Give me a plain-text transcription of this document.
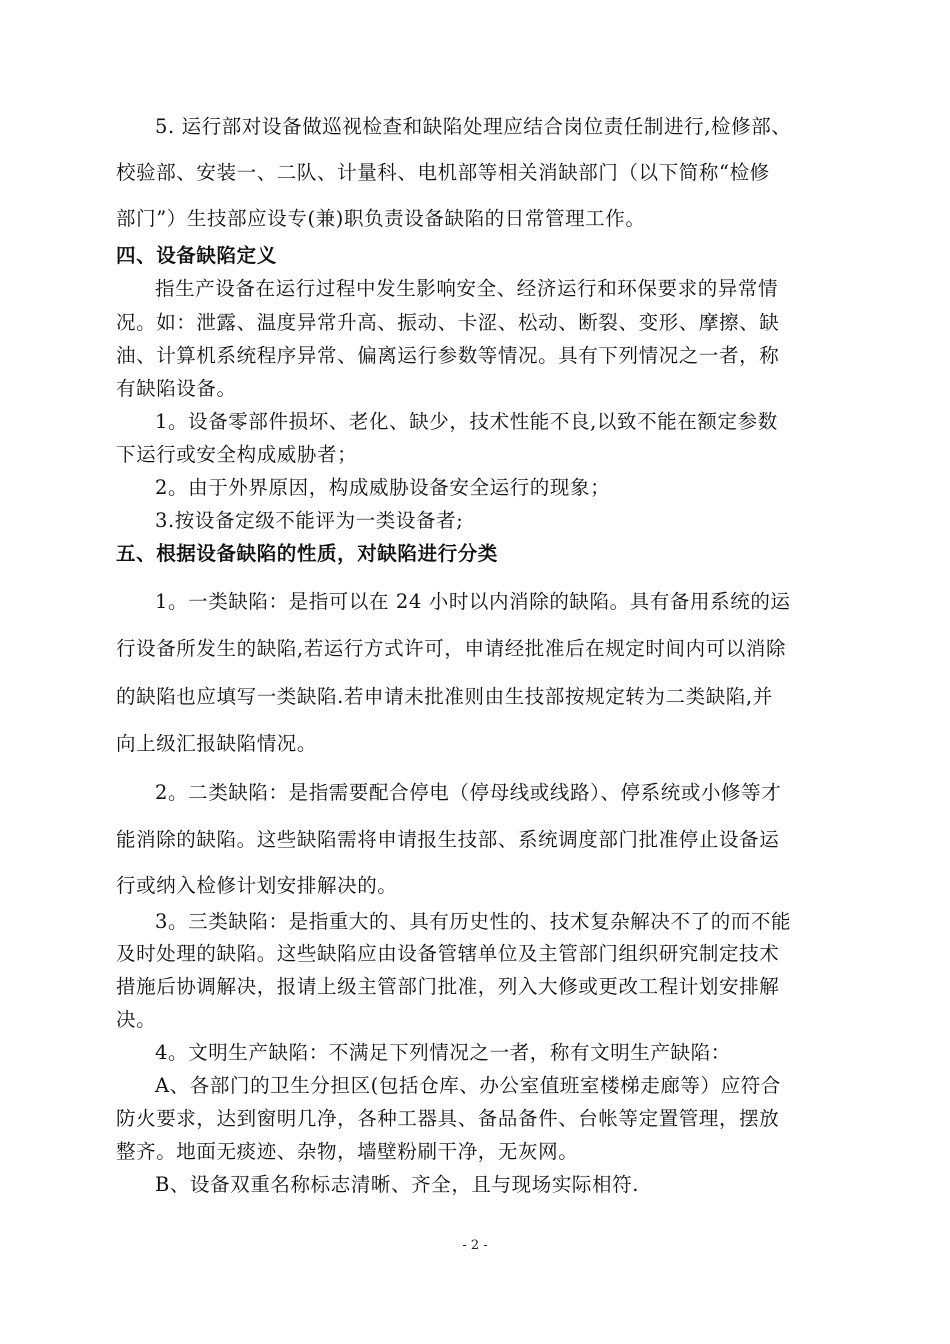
5. 运行部对设备做巡视检查和缺陷处理应结合岗位责任制进行,检修部、
校验部、安装一、二队、计量科、电机部等相关消缺部门（以下简称“检修
部门”）生技部应设专(兼)职负责设备缺陷的日常管理工作。
四、设备缺陷定义
指生产设备在运行过程中发生影响安全、经济运行和环保要求的异常情
况。如：泄露、温度异常升高、振动、卡涩、松动、断裂、变形、摩擦、缺
油、计算机系统程序异常、偏离运行参数等情况。具有下列情况之一者，称
有缺陷设备。
1。设备零部件损坏、老化、缺少，技术性能不良,以致不能在额定参数
下运行或安全构成威胁者；
2。由于外界原因，构成威胁设备安全运行的现象；
3.按设备定级不能评为一类设备者;
五、根据设备缺陷的性质，对缺陷进行分类
1。一类缺陷：是指可以在 24 小时以内消除的缺陷。具有备用系统的运
行设备所发生的缺陷,若运行方式许可，申请经批准后在规定时间内可以消除
的缺陷也应填写一类缺陷.若申请未批准则由生技部按规定转为二类缺陷,并
向上级汇报缺陷情况。
2。二类缺陷：是指需要配合停电（停母线或线路）、停系统或小修等才
能消除的缺陷。这些缺陷需将申请报生技部、系统调度部门批准停止设备运
行或纳入检修计划安排解决的。
3。三类缺陷：是指重大的、具有历史性的、技术复杂解决不了的而不能
及时处理的缺陷。这些缺陷应由设备管辖单位及主管部门组织研究制定技术
措施后协调解决，报请上级主管部门批准，列入大修或更改工程计划安排解
决。
4。文明生产缺陷：不满足下列情况之一者，称有文明生产缺陷：
A、各部门的卫生分担区(包括仓库、办公室值班室楼梯走廊等）应符合
防火要求，达到窗明几净，各种工器具、备品备件、台帐等定置管理，摆放
整齐。地面无痰迹、杂物，墙壁粉刷干净，无灰网。
B、设备双重名称标志清晰、齐全，且与现场实际相符.
- 2 -
